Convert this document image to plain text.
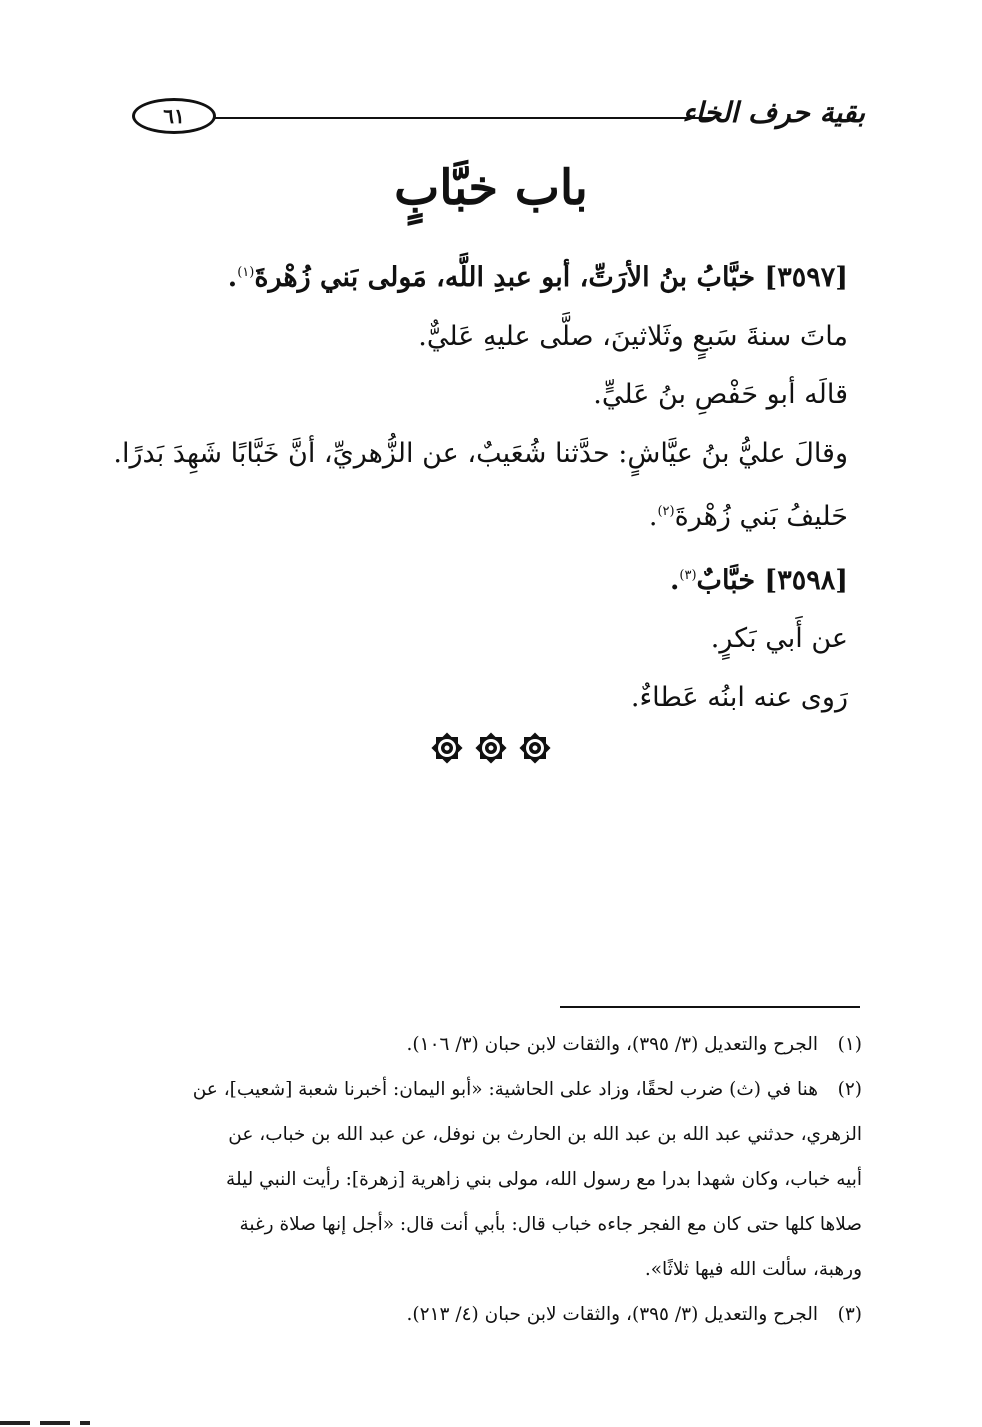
٦١	بقية حرف الخاء
باب خبَّابٍ
[٣٥٩٧] خبَّابُ بنُ الأرَتِّ، أبو عبدِ اللَّه، مَولى بَني زُهْرةَ$^{(١)}$.
ماتَ سنةَ سَبعٍ وثَلاثينَ، صلَّى عليهِ عَليٌّ.
قالَه أبو حَفْصِ بنُ عَليٍّ.
وقالَ عليُّ بنُ عيَّاشٍ: حدَّثنا شُعَيبٌ، عن الزُّهريِّ، أنَّ خَبَّابًا شَهِدَ بَدرًا.
حَليفُ بَني زُهْرةَ$^{(٢)}$.
[٣٥٩٨] خبَّابٌ$^{(٣)}$.
عن أَبي بَكرٍ.
رَوى عنه ابنُه عَطاءٌ.
(١)الجرح والتعديل (٣/ ٣٩٥)، والثقات لابن حبان (٣/ ١٠٦).
(٢)هنا في (ث) ضرب لحقًا، وزاد على الحاشية: «أبو اليمان: أخبرنا شعبة [شعيب]، عن
الزهري، حدثني عبد الله بن عبد الله بن الحارث بن نوفل، عن عبد الله بن خباب، عن
أبيه خباب، وكان شهدا بدرا مع رسول الله، مولى بني زاهرية [زهرة]: رأيت النبي ليلة
صلاها كلها حتى كان مع الفجر جاءه خباب قال: بأبي أنت قال: «أجل إنها صلاة رغبة
ورهبة، سألت الله فيها ثلاثًا».
(٣)الجرح والتعديل (٣/ ٣٩٥)، والثقات لابن حبان (٤/ ٢١٣).
